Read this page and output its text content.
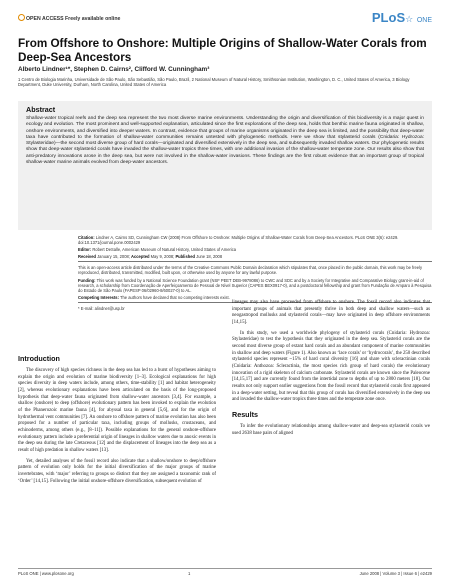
OPEN ACCESS Freely available online	PLoS☆ ONE
From Offshore to Onshore: Multiple Origins of Shallow-Water Corals from Deep-Sea Ancestors
Alberto Lindner¹*, Stephen D. Cairns², Clifford W. Cunningham³
1 Centro de Biologia Marinha, Universidade de São Paulo, São Sebastião, São Paulo, Brazil, 2 National Museum of Natural History, Smithsonian Institution, Washington, D. C., United States of America, 3 Biology Department, Duke University, Durham, North Carolina, United States of America
Abstract

Shallow-water tropical reefs and the deep sea represent the two most diverse marine environments. Understanding the origin and diversification of this biodiversity is a major quest in ecology and evolution. The most prominent and well-supported explanation, articulated since the first explorations of the deep sea, holds that benthic marine fauna originated in shallow, onshore environments, and diversified into deeper waters. In contrast, evidence that groups of marine organisms originated in the deep sea is limited, and the possibility that deep-water taxa have contributed to the formation of shallow-water communities remains untested with phylogenetic methods. Here we show that stylasterid corals (Cnidaria: Hydrozoa: Stylasteridae)—the second most diverse group of hard corals—originated and diversified extensively in the deep sea, and subsequently invaded shallow waters. Our phylogenetic results show that deep-water stylasterid corals have invaded the shallow-water tropics three times, with one additional invasion of the shallow-water temperate zone. Our results also show that anti-predatory innovations arose in the deep sea, but were not involved in the shallow-water invasions. These findings are the first robust evidence that an important group of tropical shallow-water marine animals evolved from deep-water ancestors.

Citation: Lindner A, Cairns SD, Cunningham CW (2008) From Offshore to Onshore: Multiple Origins of Shallow-Water Corals from Deep-Sea Ancestors. PLoS ONE 3(6): e2429. doi:10.1371/journal.pone.0002429

Editor: Robert DeSalle, American Museum of Natural History, United States of America

Received January 15, 2008; Accepted May 9, 2008; Published June 18, 2008

This is an open-access article distributed under the terms of the Creative Commons Public Domain declaration which stipulates that, once placed in the public domain, this work may be freely reproduced, distributed, transmitted, modified, built upon, or otherwise used by anyone for any lawful purpose.

Funding: This work was funded by a National Science Foundation grant (NSF PEET DEB-9978086) to CWC and SDC and by a Society for Integrative and Comparative Biology grant-in-aid of research, a scholarship from Coordenação de Aperfeiçoamento de Pessoal de Nível Superior (CAPES BEX0917-0), and a postdoctoral fellowship and grant from Fundação de Amparo à Pesquisa do Estado de São Paulo (FAPESP 06/02960-8/60027-0) to AL.

Competing Interests: The authors have declared that no competing interests exist.

* E-mail: alindner@usp.br

Introduction

The discovery of high species richness in the deep sea has led to a burst of hypotheses aiming to explain the origin and evolution of marine biodiversity [1–3]. Ecological explanations for high species diversity in deep waters include, among others, time-stability [1] and habitat heterogeneity [2], whereas evolutionary explanations have been articulated on the basis of the long-proposed hypothesis that deep-water fauna originated from shallow-water ancestors [3,4]. For example, a shallow (onshore) to deep (offshore) evolutionary pattern has been invoked to explain the evolution of the Phanerozoic marine fauna [4], for abyssal taxa in general [5,6], and for the origin of hydrothermal vent communities [7]. An onshore to offshore pattern of marine evolution has also been proposed for a number of particular taxa, including groups of mollusks, crustaceans, and echinoderms, among others (e.g., [8–11]). Possible explanations for the general onshore-offshore evolutionary pattern include a preferential origin of lineages in shallow waters due to anoxic events in the deep sea during the late Cretaceous [12] and the displacement of lineages into the deep sea as a result of high predation in shallow waters [13].

Yet, detailed analyses of the fossil record also indicate that a shallow/onshore to deep/offshore pattern of evolution only holds for the initial diversification of the major groups of marine invertebrates, with ‘major’ referring to groups so distinct that they are assigned a taxonomic rank of ‘Order’ [14,15]. Following the initial onshore-offshore diversification, subsequent evolution of

lineages may also have proceeded from offshore to onshore. The fossil record also indicates that important groups of animals that presently thrive in both deep and shallow waters—such as neogastropod mollusks and stylasterid corals—may have originated in deep offshore environments [14,15].

In this study, we used a worldwide phylogeny of stylasterid corals (Cnidaria: Hydrozoa: Stylasteridae) to test the hypothesis that they originated in the deep sea. Stylasterid corals are the second most diverse group of extant hard corals and an abundant component of marine communities in shallow and deep waters (Figure 1). Also known as ‘lace corals’ or ‘hydrocorals’, the 250 described stylasterid species represent ~15% of hard coral diversity [16] and share with scleractinian corals (Cnidaria: Anthozoa: Scleractinia, the most species rich group of hard corals) the evolutionary innovation of a rigid skeleton of calcium carbonate. Stylasterid corals are known since the Paleocene [14,15,17] and are currently found from the intertidal zone to depths of up to 2800 meters [18]. Our results not only support earlier suggestions from the fossil record that stylasterid corals first appeared in a deep-water setting, but reveal that this group of corals has diversified extensively in the deep sea and invaded the shallow-water tropics three times and the temperate zone once.

Results

To infer the evolutionary relationships among shallow-water and deep-sea stylasterid corals we used 2638 base pairs of aligned

PLoS ONE | www.plosone.org	1	June 2008 | Volume 3 | Issue 6 | e2429
